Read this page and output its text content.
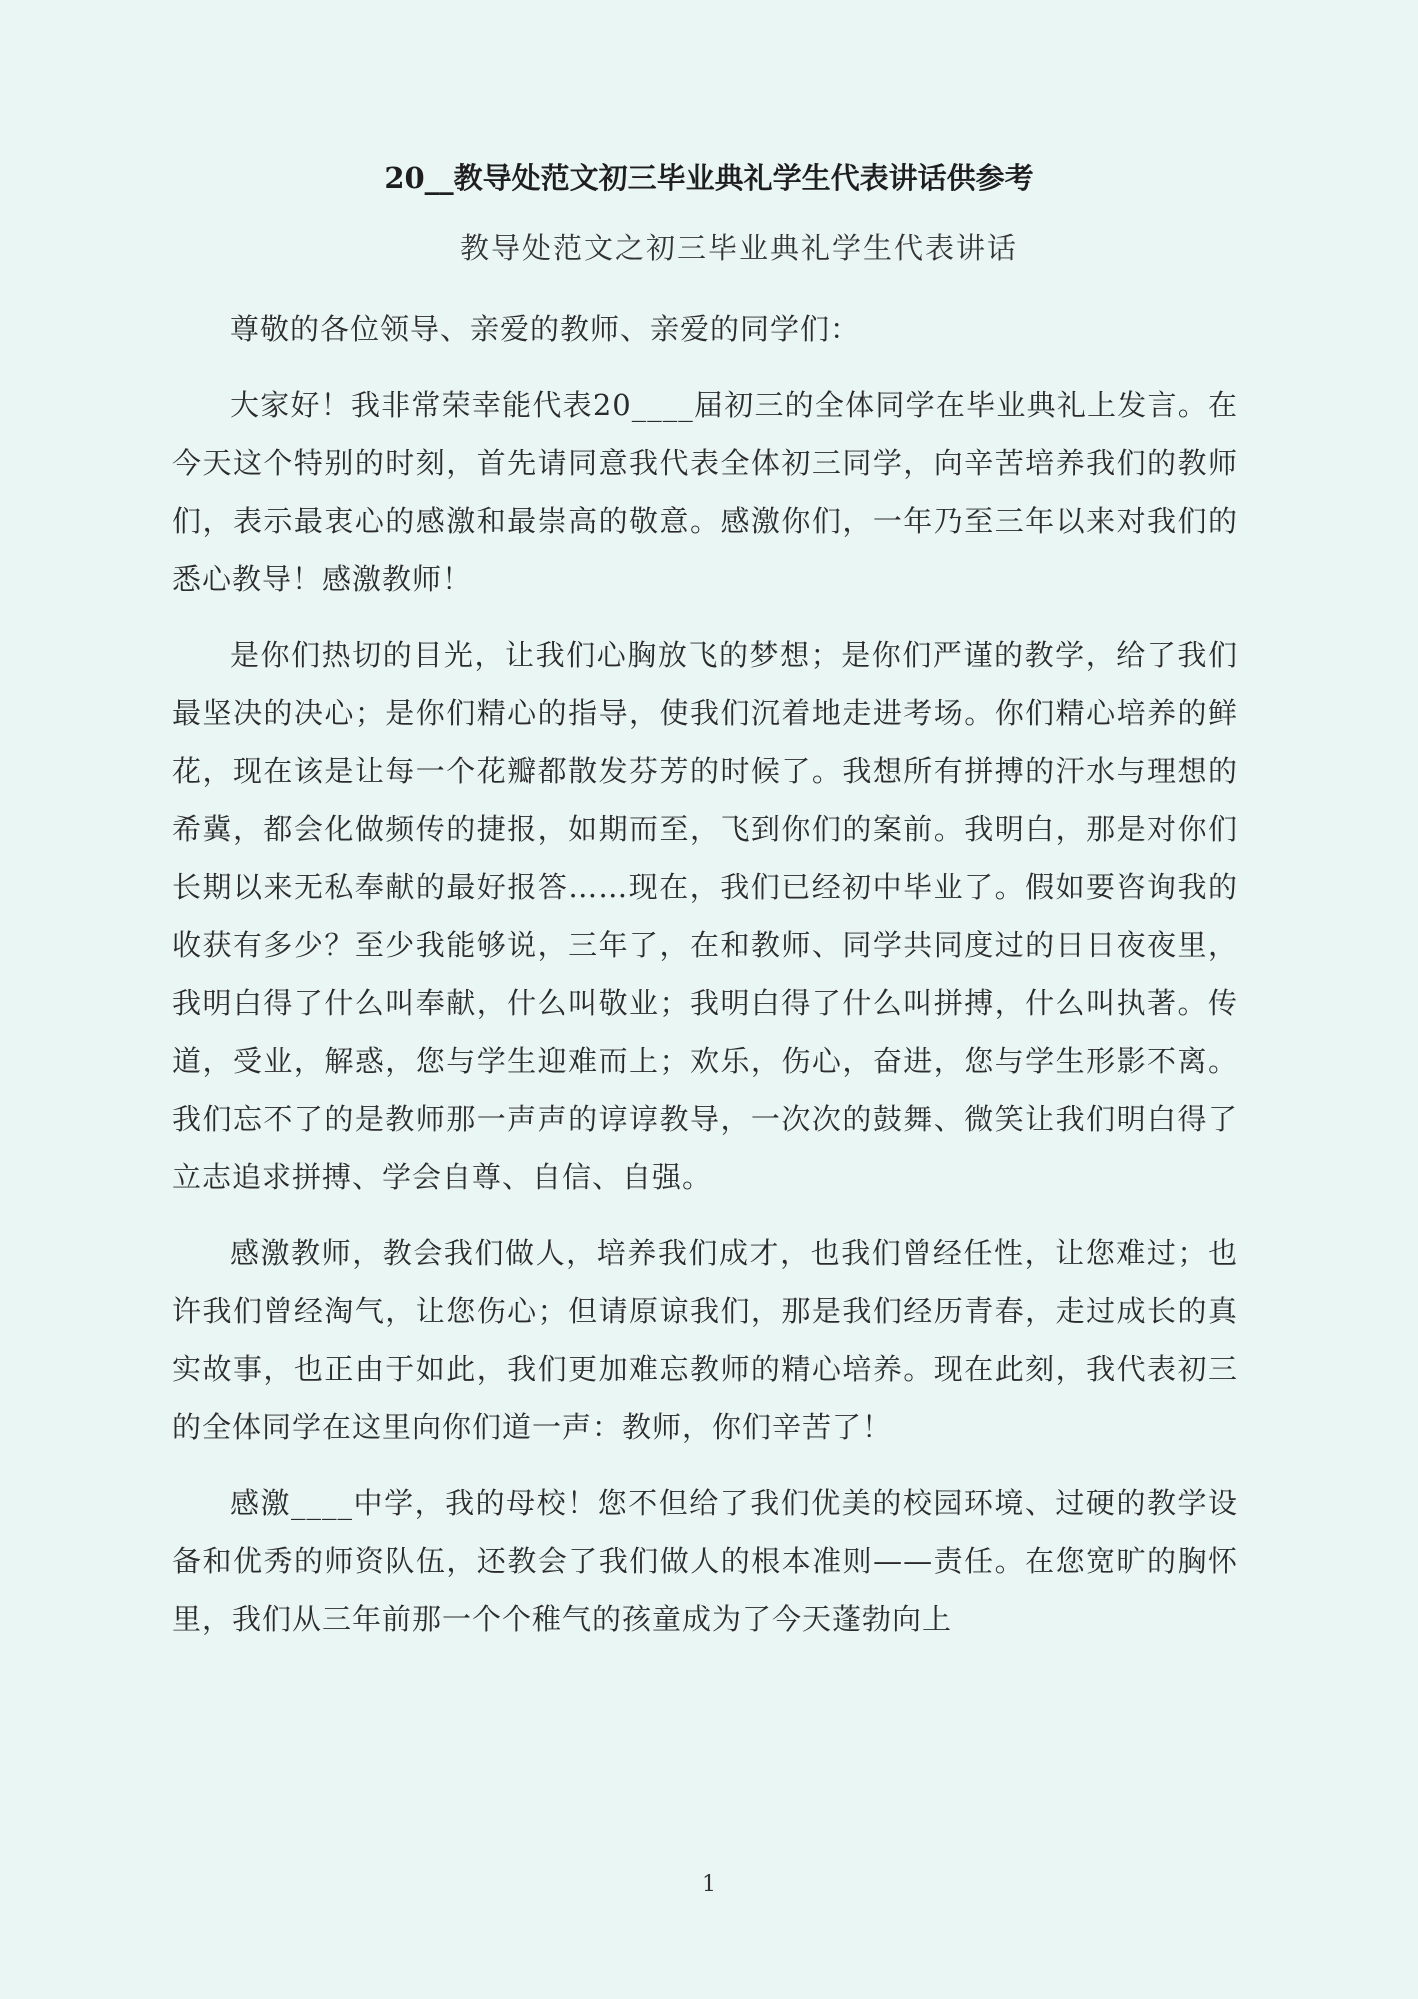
20__教导处范文初三毕业典礼学生代表讲话供参考
教导处范文之初三毕业典礼学生代表讲话

尊敬的各位领导、亲爱的教师、亲爱的同学们：

大家好！我非常荣幸能代表20____届初三的全体同学在毕业典礼上发言。在今天这个特别的时刻，首先请同意我代表全体初三同学，向辛苦培养我们的教师们，表示最衷心的感激和最崇高的敬意。感激你们，一年乃至三年以来对我们的悉心教导！感激教师！

是你们热切的目光，让我们心胸放飞的梦想；是你们严谨的教学，给了我们最坚决的决心；是你们精心的指导，使我们沉着地走进考场。你们精心培养的鲜花，现在该是让每一个花瓣都散发芬芳的时候了。我想所有拼搏的汗水与理想的希冀，都会化做频传的捷报，如期而至，飞到你们的案前。我明白，那是对你们长期以来无私奉献的最好报答……现在，我们已经初中毕业了。假如要咨询我的收获有多少？至少我能够说，三年了，在和教师、同学共同度过的日日夜夜里，我明白得了什么叫奉献，什么叫敬业；我明白得了什么叫拼搏，什么叫执著。传道，受业，解惑，您与学生迎难而上；欢乐，伤心，奋进，您与学生形影不离。我们忘不了的是教师那一声声的谆谆教导，一次次的鼓舞、微笑让我们明白得了立志追求拼搏、学会自尊、自信、自强。

感激教师，教会我们做人，培养我们成才，也我们曾经任性，让您难过；也许我们曾经淘气，让您伤心；但请原谅我们，那是我们经历青春，走过成长的真实故事，也正由于如此，我们更加难忘教师的精心培养。现在此刻，我代表初三的全体同学在这里向你们道一声：教师，你们辛苦了！

感激____中学，我的母校！您不但给了我们优美的校园环境、过硬的教学设备和优秀的师资队伍，还教会了我们做人的根本准则——责任。在您宽旷的胸怀里，我们从三年前那一个个稚气的孩童成为了今天蓬勃向上

1
